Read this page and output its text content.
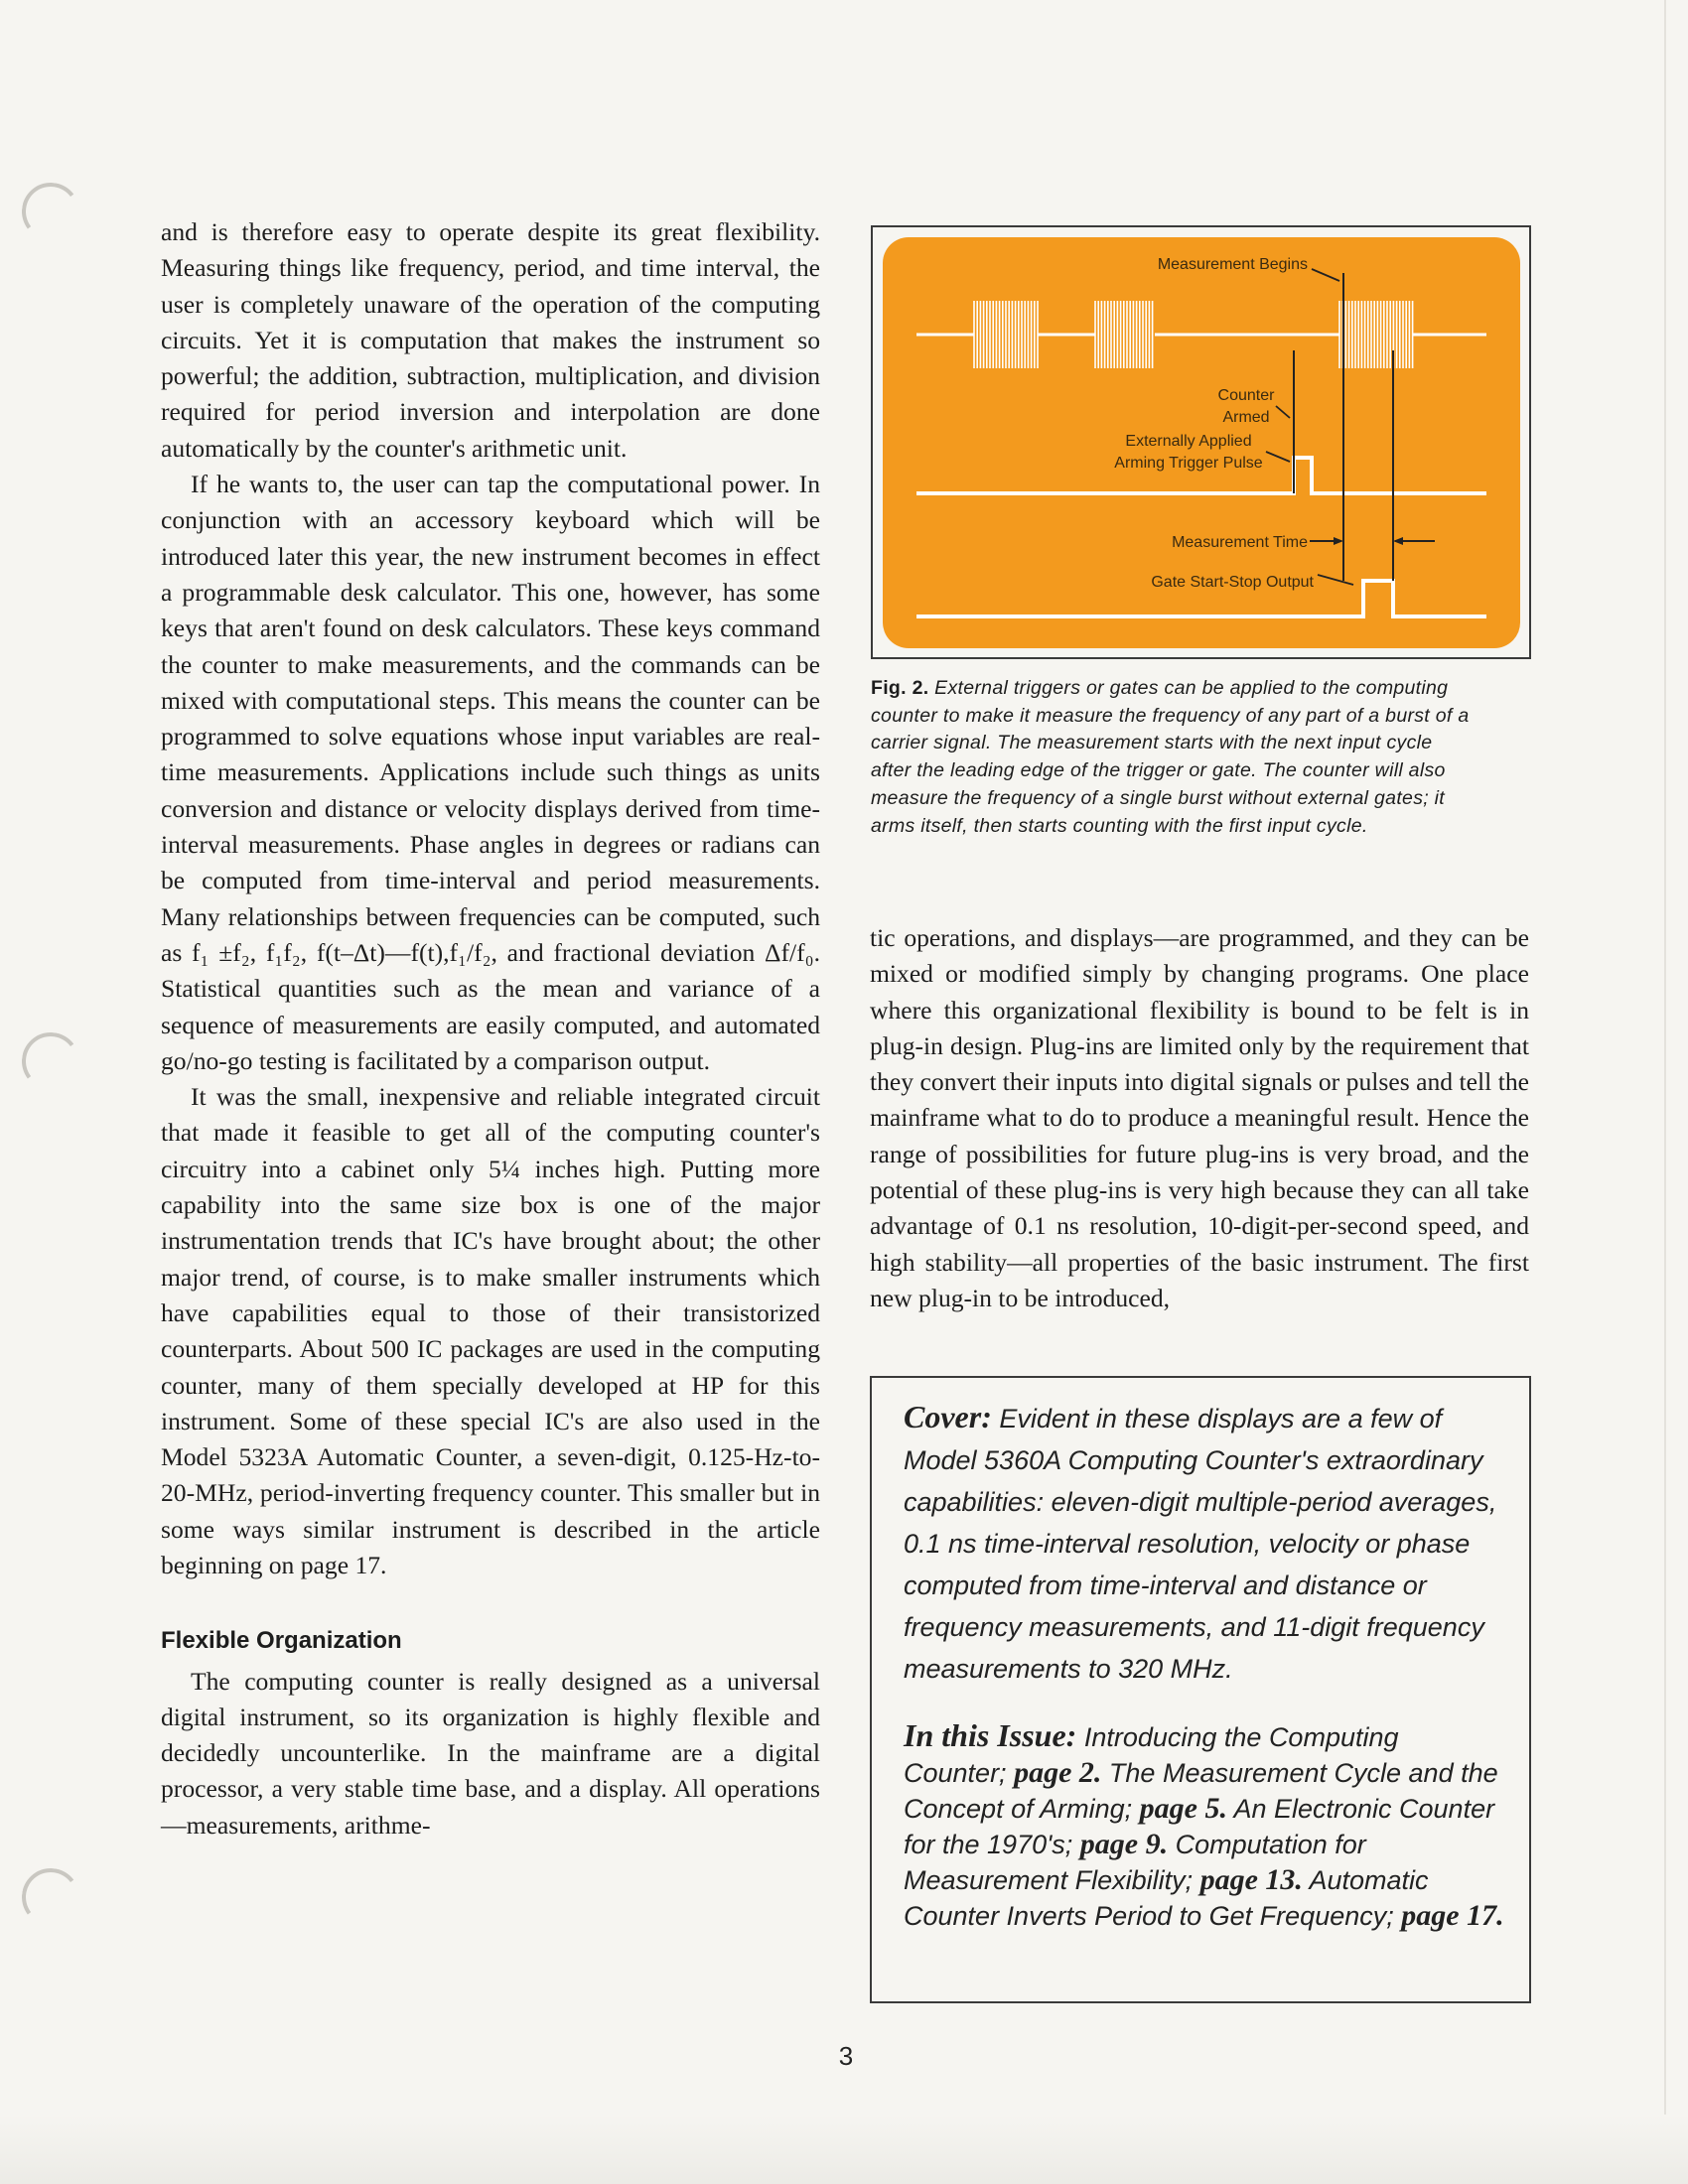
and is therefore easy to operate despite its great flexibility. Measuring things like frequency, period, and time interval, the user is completely unaware of the operation of the computing circuits. Yet it is computation that makes the instrument so powerful; the addition, subtraction, multiplication, and division required for period inversion and interpolation are done automatically by the counter's arithmetic unit.

If he wants to, the user can tap the computational power. In conjunction with an accessory keyboard which will be introduced later this year, the new instrument becomes in effect a programmable desk calculator. This one, however, has some keys that aren't found on desk calculators. These keys command the counter to make measurements, and the commands can be mixed with computational steps. This means the counter can be programmed to solve equations whose input variables are real-time measurements. Applications include such things as units conversion and distance or velocity displays derived from time-interval measurements. Phase angles in degrees or radians can be computed from time-interval and period measurements. Many relationships between frequencies can be computed, such as f₁ ±f₂, f₁f₂, f(t–Δt)—f(t),f₁/f₂, and fractional deviation Δf/f₀. Statistical quantities such as the mean and variance of a sequence of measurements are easily computed, and automated go/no-go testing is facilitated by a comparison output.

It was the small, inexpensive and reliable integrated circuit that made it feasible to get all of the computing counter's circuitry into a cabinet only 5¼ inches high. Putting more capability into the same size box is one of the major instrumentation trends that IC's have brought about; the other major trend, of course, is to make smaller instruments which have capabilities equal to those of their transistorized counterparts. About 500 IC packages are used in the computing counter, many of them specially developed at HP for this instrument. Some of these special IC's are also used in the Model 5323A Automatic Counter, a seven-digit, 0.125-Hz-to-20-MHz, period-inverting frequency counter. This smaller but in some ways similar instrument is described in the article beginning on page 17.

Flexible Organization

The computing counter is really designed as a universal digital instrument, so its organization is highly flexible and decidedly uncounterlike. In the mainframe are a digital processor, a very stable time base, and a display. All operations—measurements, arithme-

Measurement Begins
Counter
Armed
Externally Applied
Arming Trigger Pulse
Measurement Time
Gate Start-Stop Output
Fig. 2. External triggers or gates can be applied to the computing counter to make it measure the frequency of any part of a burst of a carrier signal. The measurement starts with the next input cycle after the leading edge of the trigger or gate. The counter will also measure the frequency of a single burst without external gates; it arms itself, then starts counting with the first input cycle.

tic operations, and displays—are programmed, and they can be mixed or modified simply by changing programs. One place where this organizational flexibility is bound to be felt is in plug-in design. Plug-ins are limited only by the requirement that they convert their inputs into digital signals or pulses and tell the mainframe what to do to produce a meaningful result. Hence the range of possibilities for future plug-ins is very broad, and the potential of these plug-ins is very high because they can all take advantage of 0.1 ns resolution, 10-digit-per-second speed, and high stability—all properties of the basic instrument. The first new plug-in to be introduced,

Cover: Evident in these displays are a few of Model 5360A Computing Counter's extraordinary capabilities: eleven-digit multiple-period averages, 0.1 ns time-interval resolution, velocity or phase computed from time-interval and distance or frequency measurements, and 11-digit frequency measurements to 320 MHz.

In this Issue: Introducing the Computing Counter; page 2. The Measurement Cycle and the Concept of Arming; page 5. An Electronic Counter for the 1970's; page 9. Computation for Measurement Flexibility; page 13. Automatic Counter Inverts Period to Get Frequency; page 17.

3
